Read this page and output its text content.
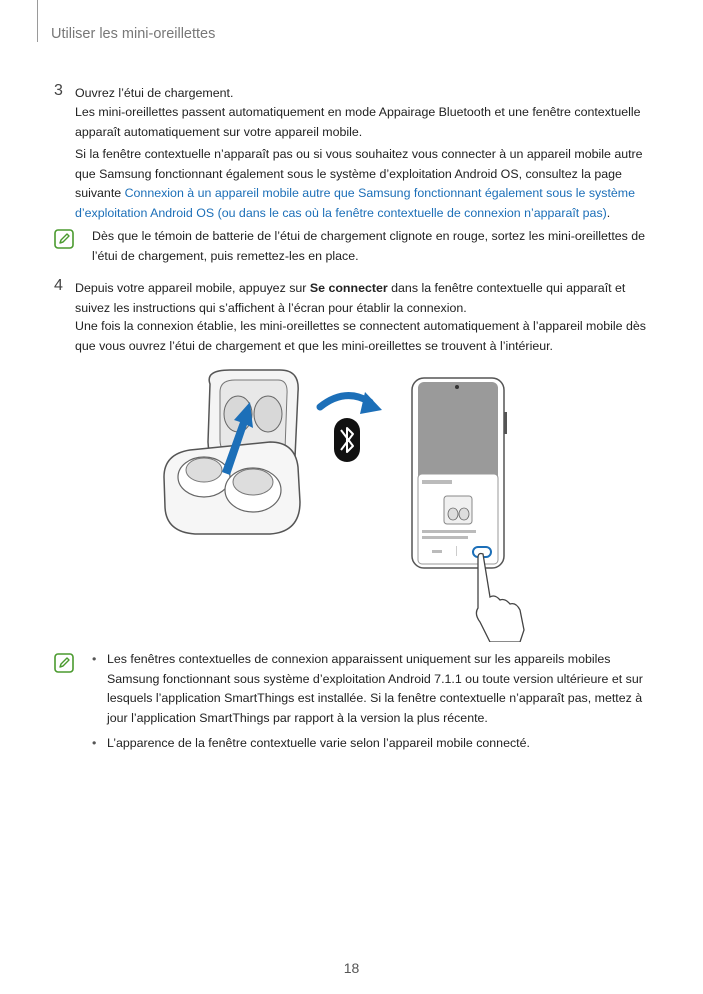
Utiliser les mini-oreillettes
3 Ouvrez l’étui de chargement.

Les mini-oreillettes passent automatiquement en mode Appairage Bluetooth et une fenêtre contextuelle apparaît automatiquement sur votre appareil mobile.

Si la fenêtre contextuelle n’apparaît pas ou si vous souhaitez vous connecter à un appareil mobile autre que Samsung fonctionnant également sous le système d’exploitation Android OS, consultez la page suivante Connexion à un appareil mobile autre que Samsung fonctionnant également sous le système d’exploitation Android OS (ou dans le cas où la fenêtre contextuelle de connexion n’apparaît pas).

Dès que le témoin de batterie de l’étui de chargement clignote en rouge, sortez les mini-oreillettes de l’étui de chargement, puis remettez-les en place.

4 Depuis votre appareil mobile, appuyez sur Se connecter dans la fenêtre contextuelle qui apparaît et suivez les instructions qui s’affichent à l’écran pour établir la connexion.

Une fois la connexion établie, les mini-oreillettes se connectent automatiquement à l’appareil mobile dès que vous ouvrez l’étui de chargement et que les mini-oreillettes se trouvent à l’intérieur.

• Les fenêtres contextuelles de connexion apparaissent uniquement sur les appareils mobiles Samsung fonctionnant sous système d’exploitation Android 7.1.1 ou toute version ultérieure et sur lesquels l’application SmartThings est installée. Si la fenêtre contextuelle n’apparaît pas, mettez à jour l’application SmartThings par rapport à la version la plus récente.
• L’apparence de la fenêtre contextuelle varie selon l’appareil mobile connecté.
18
